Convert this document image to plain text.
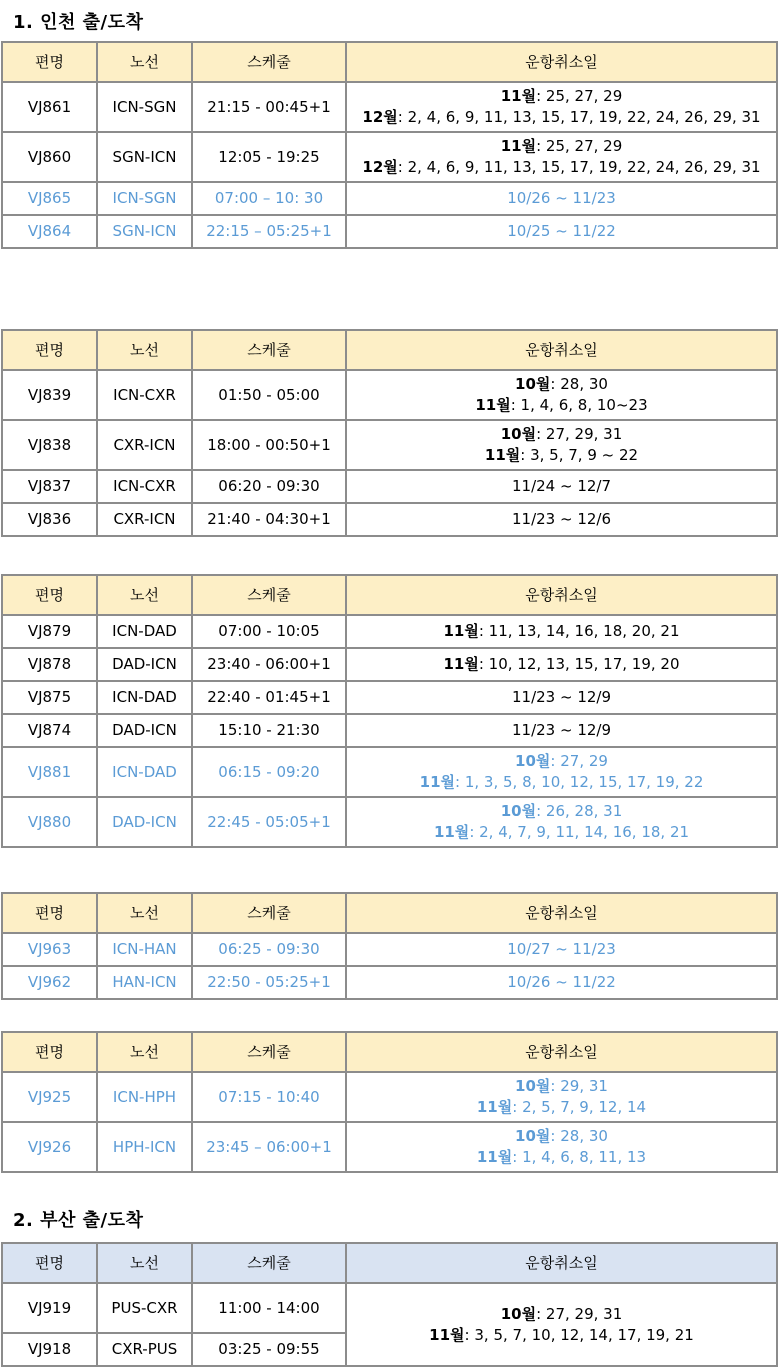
1. 인천 출/도착
편명	노선	스케줄	운항취소일
VJ861	ICN-SGN	21:15 - 00:45+1	11월: 25, 27, 29
12월: 2, 4, 6, 9, 11, 13, 15, 17, 19, 22, 24, 26, 29, 31

VJ860	SGN-ICN	12:05 - 19:25	11월: 25, 27, 29
12월: 2, 4, 6, 9, 11, 13, 15, 17, 19, 22, 24, 26, 29, 31

VJ865	ICN-SGN	07:00 – 10: 30	10/26 ~ 11/23
VJ864	SGN-ICN	22:15 – 05:25+1	10/25 ~ 11/22
편명	노선	스케줄	운항취소일
VJ839	ICN-CXR	01:50 - 05:00	10월: 28, 30
11월: 1, 4, 6, 8, 10~23

VJ838	CXR-ICN	18:00 - 00:50+1	10월: 27, 29, 31
11월: 3, 5, 7, 9 ~ 22

VJ837	ICN-CXR	06:20 - 09:30	11/24 ~ 12/7
VJ836	CXR-ICN	21:40 - 04:30+1	11/23 ~ 12/6
편명	노선	스케줄	운항취소일
VJ879	ICN-DAD	07:00 - 10:05	11월: 11, 13, 14, 16, 18, 20, 21

VJ878	DAD-ICN	23:40 - 06:00+1	11월: 10, 12, 13, 15, 17, 19, 20

VJ875	ICN-DAD	22:40 - 01:45+1	11/23 ~ 12/9
VJ874	DAD-ICN	15:10 - 21:30	11/23 ~ 12/9
VJ881	ICN-DAD	06:15 - 09:20	10월: 27, 29
11월: 1, 3, 5, 8, 10, 12, 15, 17, 19, 22

VJ880	DAD-ICN	22:45 - 05:05+1	10월: 26, 28, 31
11월: 2, 4, 7, 9, 11, 14, 16, 18, 21
편명	노선	스케줄	운항취소일
VJ963	ICN-HAN	06:25 - 09:30	10/27 ~ 11/23
VJ962	HAN-ICN	22:50 - 05:25+1	10/26 ~ 11/22
편명	노선	스케줄	운항취소일
VJ925	ICN-HPH	07:15 - 10:40	10월: 29, 31
11월: 2, 5, 7, 9, 12, 14

VJ926	HPH-ICN	23:45 – 06:00+1	10월: 28, 30
11월: 1, 4, 6, 8, 11, 13
2. 부산 출/도착
편명	노선	스케줄	운항취소일
VJ919	PUS-CXR	11:00 - 14:00	10월: 27, 29, 31
11월: 3, 5, 7, 10, 12, 14, 17, 19, 21

VJ918	CXR-PUS	03:25 - 09:55	
